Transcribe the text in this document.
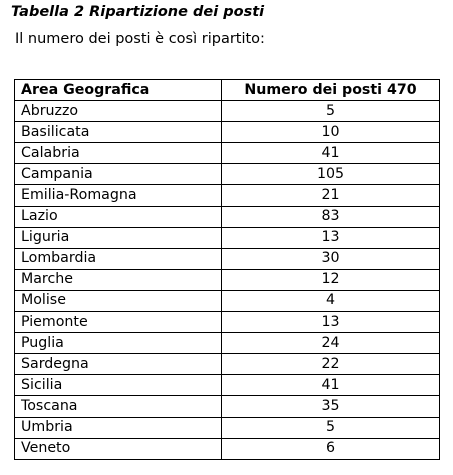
Tabella 2 Ripartizione dei posti
Il numero dei posti è così ripartito:
Area Geografica	Numero dei posti 470
Abruzzo	5
Basilicata	10
Calabria	41
Campania	105
Emilia-Romagna	21
Lazio	83
Liguria	13
Lombardia	30
Marche	12
Molise	4
Piemonte	13
Puglia	24
Sardegna	22
Sicilia	41
Toscana	35
Umbria	5
Veneto	6
